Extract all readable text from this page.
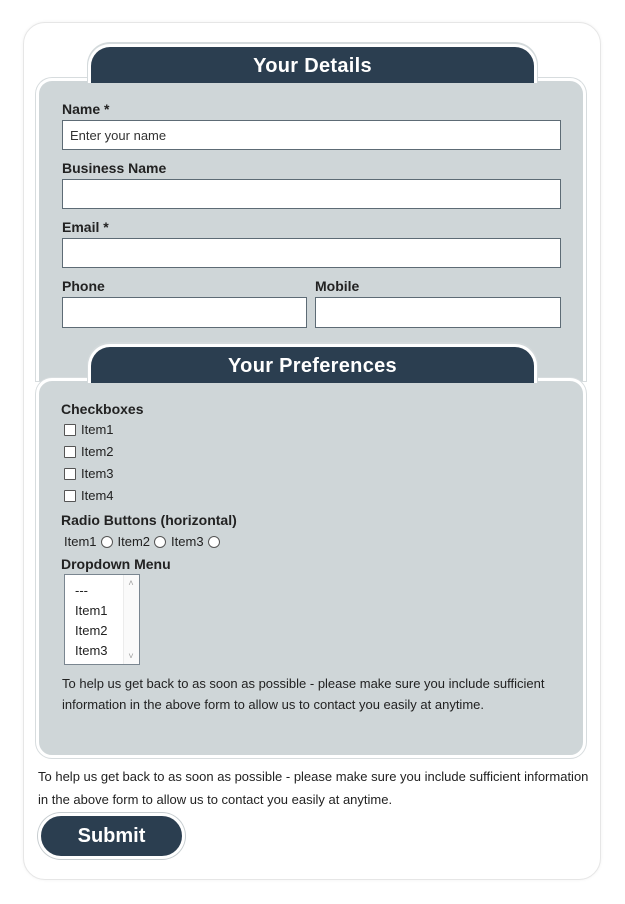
Your Details
Name *
Enter your name
Business Name
Email *
Phone	Mobile
Your Preferences
Checkboxes
Item1
Item2
Item3
Item4
Radio Buttons (horizontal)
Item1 Item2 Item3
Dropdown Menu
---
Item1
Item2
Item3
˄
˅
To help us get back to as soon as possible - please make sure you include sufficient information in the above form to allow us to contact you easily at anytime.
To help us get back to as soon as possible - please make sure you include sufficient information in the above form to allow us to contact you easily at anytime.
Submit
